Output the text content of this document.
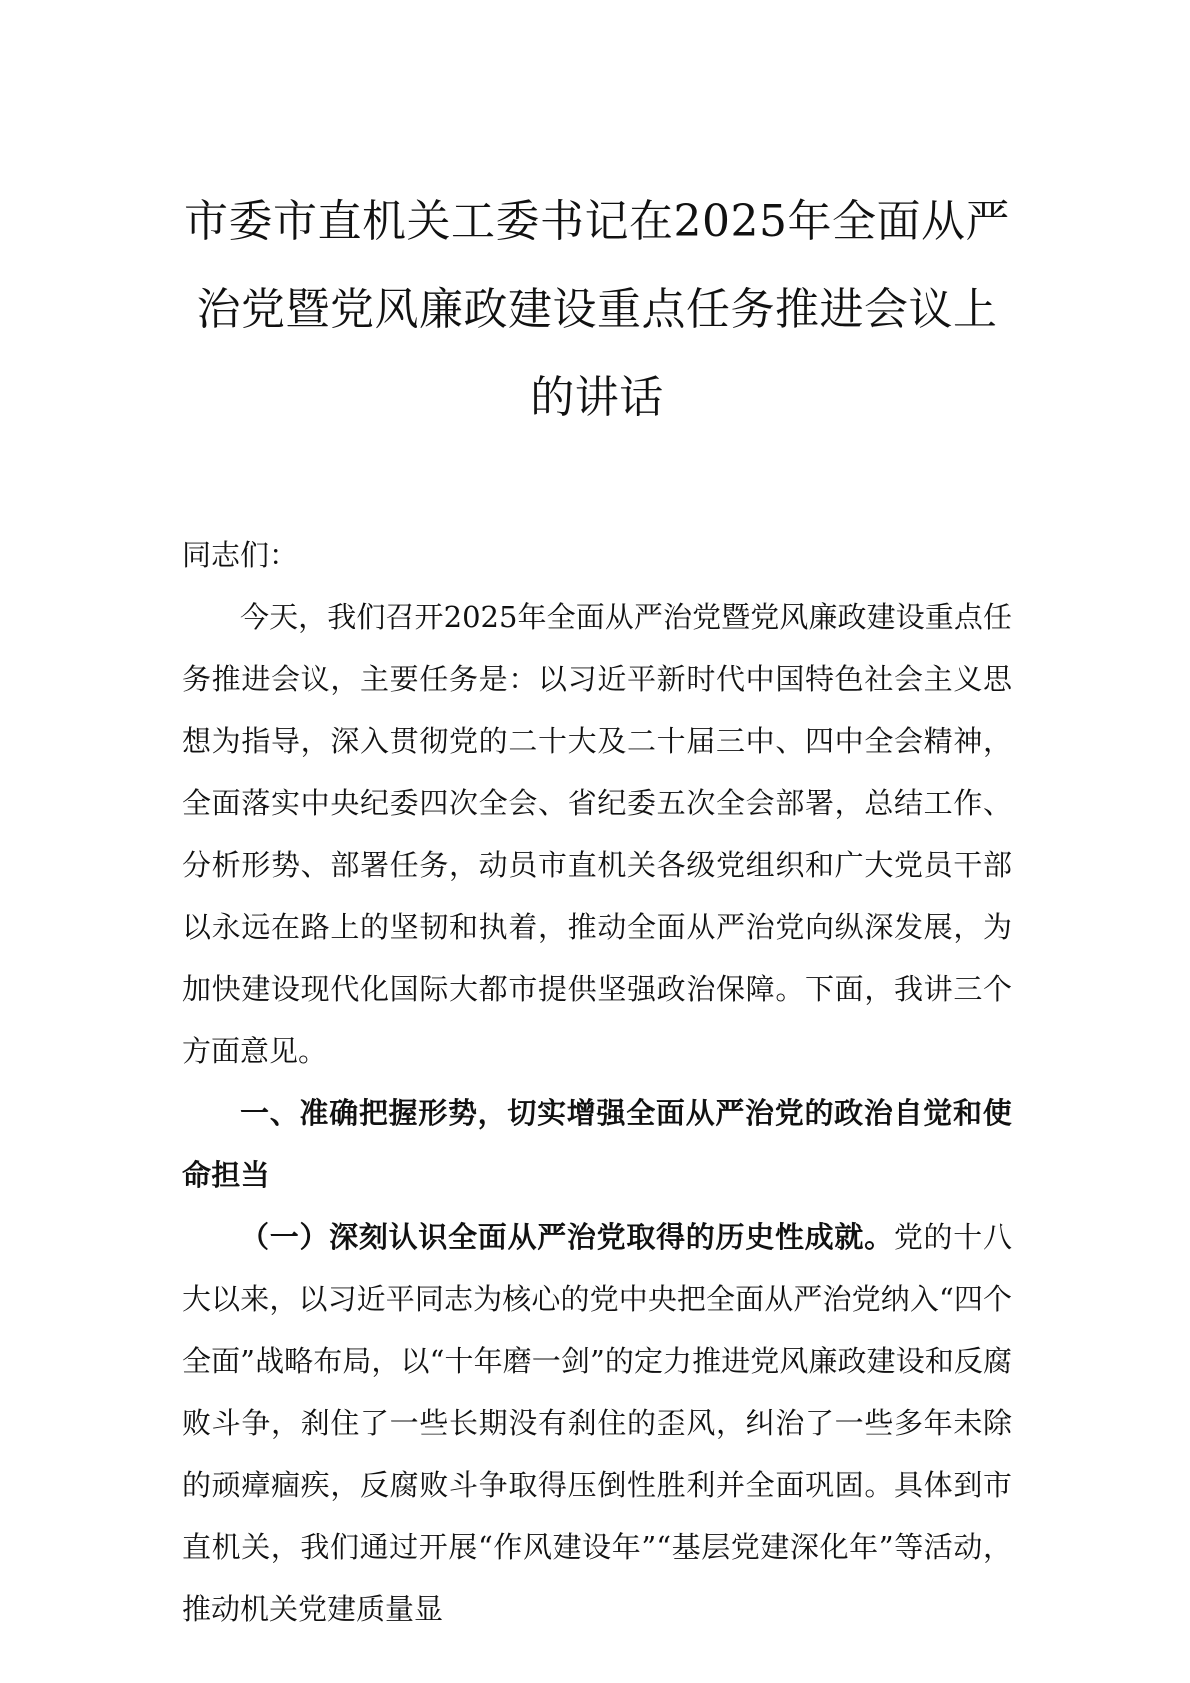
市委市直机关工委书记在2025年全面从严
治党暨党风廉政建设重点任务推进会议上
的讲话

同志们：

今天，我们召开2025年全面从严治党暨党风廉政建设重点任务推进会议，主要任务是：以习近平新时代中国特色社会主义思想为指导，深入贯彻党的二十大及二十届三中、四中全会精神，全面落实中央纪委四次全会、省纪委五次全会部署，总结工作、分析形势、部署任务，动员市直机关各级党组织和广大党员干部以永远在路上的坚韧和执着，推动全面从严治党向纵深发展，为加快建设现代化国际大都市提供坚强政治保障。下面，我讲三个方面意见。

一、准确把握形势，切实增强全面从严治党的政治自觉和使命担当

（一）深刻认识全面从严治党取得的历史性成就。党的十八大以来，以习近平同志为核心的党中央把全面从严治党纳入“四个全面”战略布局，以“十年磨一剑”的定力推进党风廉政建设和反腐败斗争，刹住了一些长期没有刹住的歪风，纠治了一些多年未除的顽瘴痼疾，反腐败斗争取得压倒性胜利并全面巩固。具体到市直机关，我们通过开展“作风建设年”“基层党建深化年”等活动，推动机关党建质量显
